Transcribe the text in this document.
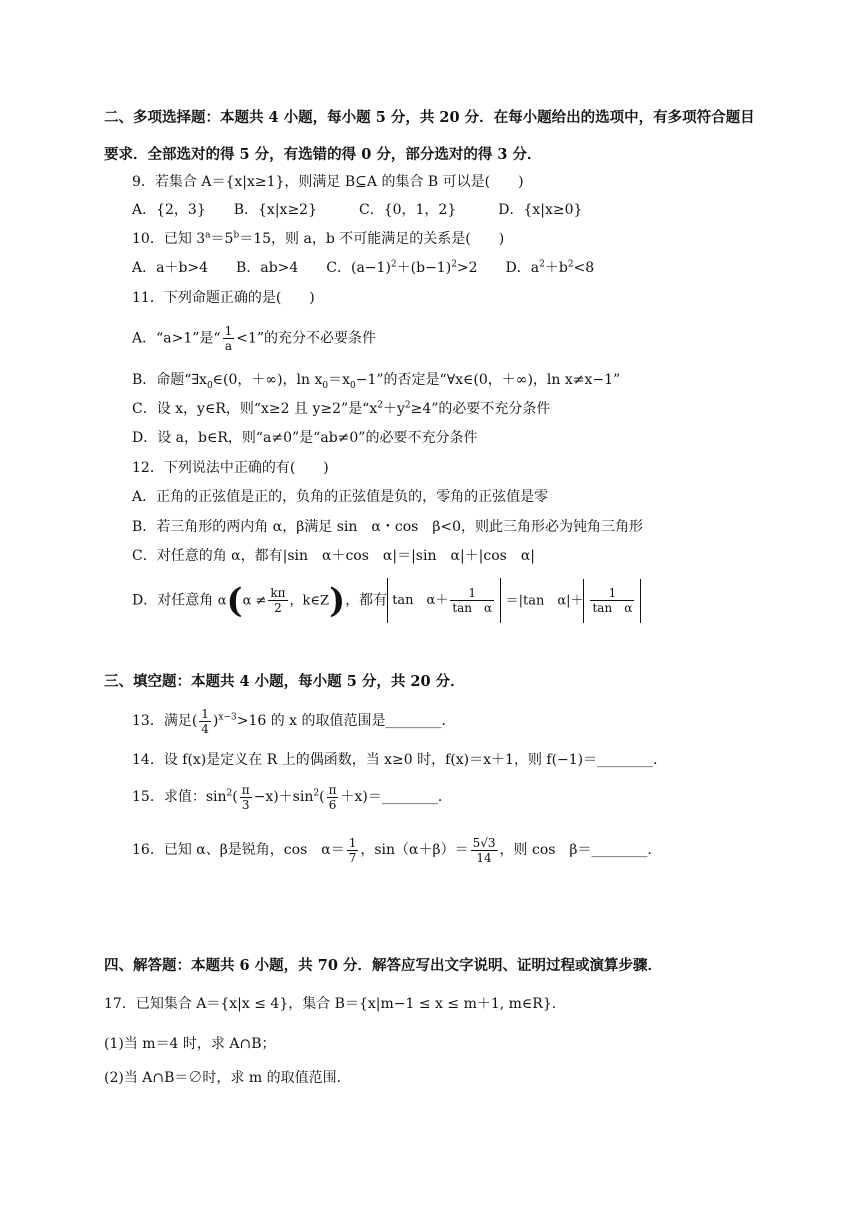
二、多项选择题：本题共 4 小题，每小题 5 分，共 20 分．在每小题给出的选项中，有多项符合题目
要求．全部选对的得 5 分，有选错的得 0 分，部分选对的得 3 分．
9．若集合 A＝{x|x≥1}，则满足 B⊆A 的集合 B 可以是(　　)
A．{2，3}　　B．{x|x≥2}　　　C．{0，1，2}　　　D．{x|x≥0}
10．已知 $3^a=5^b=15$，则 a，b 不可能满足的关系是(　　)
A．a＋b>4　　B．ab>4　　C．$(a-1)^2+(b-1)^2>2$　　D．$a^2+b^2<8$
11．下列命题正确的是(　　)
A．“a>1”是“ $\frac{1}{a} <1$”的充分不必要条件
B．命题“$\exists x_0\in(0$，＋∞)，$\ln x_0=x_0-1$”的否定是“∀x∈(0，＋∞)，ln x≠x−1”
C．设 x，y∈R，则“x≥2 且 y≥2”是“$x^2+y^2\ge 4$”的必要不充分条件
D．设 a，b∈R，则“a≠0”是“ab≠0”的必要不充分条件
12．下列说法中正确的有(　　)
A．正角的正弦值是正的，负角的正弦值是负的，零角的正弦值是零
B．若三角形的两内角 α，β满足 sin　α・cos　β<0，则此三角形必为钝角三角形
C．对任意的角 α，都有|sin　α＋cos　α|＝|sin　α|＋|cos　α|
D．对任意角 $\alpha(\alpha \ne \frac{k\pi}{2}$ ，k∈Z)，都有 tan　$\alpha+ \frac{1}{\text{tan　α}} =|\tan$　$\alpha|+ \frac{1}{\text{tan　α}}$
三、填空题：本题共 4 小题，每小题 5 分，共 20 分．
13．满足( $\frac{1}{4} )^{x-3}>16$ 的 x 的取值范围是________．
14．设 f(x)是定义在 R 上的偶函数，当 x≥0 时，f(x)＝x＋1，则 f(−1)＝________．
15．求值：$\sin^2( \frac{\pi}{3} -x)+\sin^2( \frac{\pi}{6}$ ＋x)＝________．
16．已知 α、β是锐角，cos　$\alpha= \frac{1}{7}$ ，$\sin(\alpha+\beta)= \frac{5√3}{14}$ ，则 cos　β＝________．
四、解答题：本题共 6 小题，共 70 分．解答应写出文字说明、证明过程或演算步骤．
17．已知集合 A＝{x|x ≤ 4}，集合 B＝{x|m−1 ≤ x ≤ m＋1, m∈R}．
(1)当 m＝4 时，求 A∩B；
(2)当 A∩B＝∅时，求 m 的取值范围．
